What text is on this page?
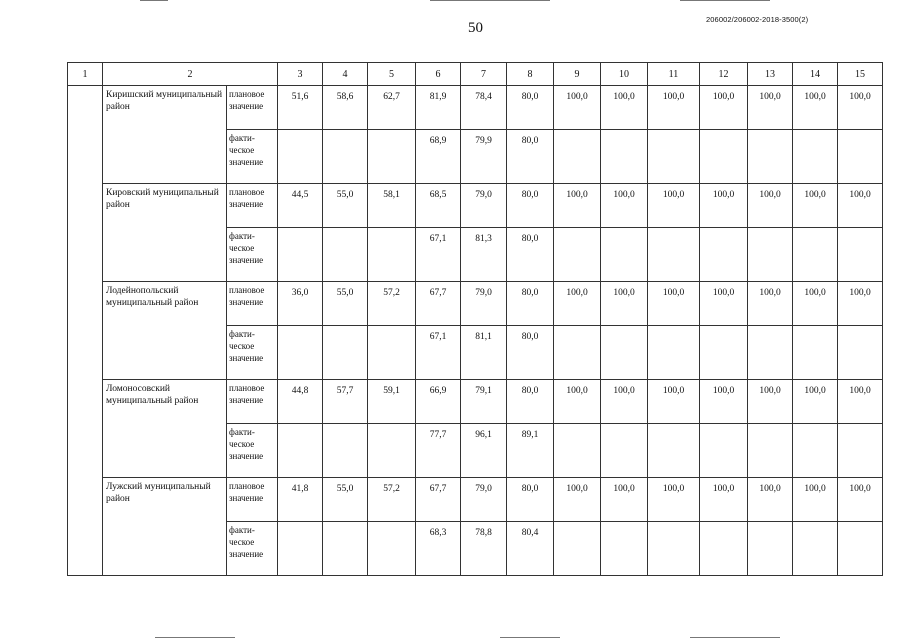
50
206002/206002-2018-3500(2)
1	2		3	4	5	6	7	8	9	10	11	12	13	14	15
	Киришский муниципальный район	плановое значение	51,6	58,6	62,7	81,9	78,4	80,0	100,0	100,0	100,0	100,0	100,0	100,0	100,0
		факти-ческое значение				68,9	79,9	80,0							
	Кировский муниципальный район	плановое значение	44,5	55,0	58,1	68,5	79,0	80,0	100,0	100,0	100,0	100,0	100,0	100,0	100,0
		факти-ческое значение				67,1	81,3	80,0							
	Лодейнопольский муниципальный район	плановое значение	36,0	55,0	57,2	67,7	79,0	80,0	100,0	100,0	100,0	100,0	100,0	100,0	100,0
		факти-ческое значение				67,1	81,1	80,0							
	Ломоносовский муниципальный район	плановое значение	44,8	57,7	59,1	66,9	79,1	80,0	100,0	100,0	100,0	100,0	100,0	100,0	100,0
		факти-ческое значение				77,7	96,1	89,1							
	Лужский муниципальный район	плановое значение	41,8	55,0	57,2	67,7	79,0	80,0	100,0	100,0	100,0	100,0	100,0	100,0	100,0
		факти-ческое значение				68,3	78,8	80,4							
